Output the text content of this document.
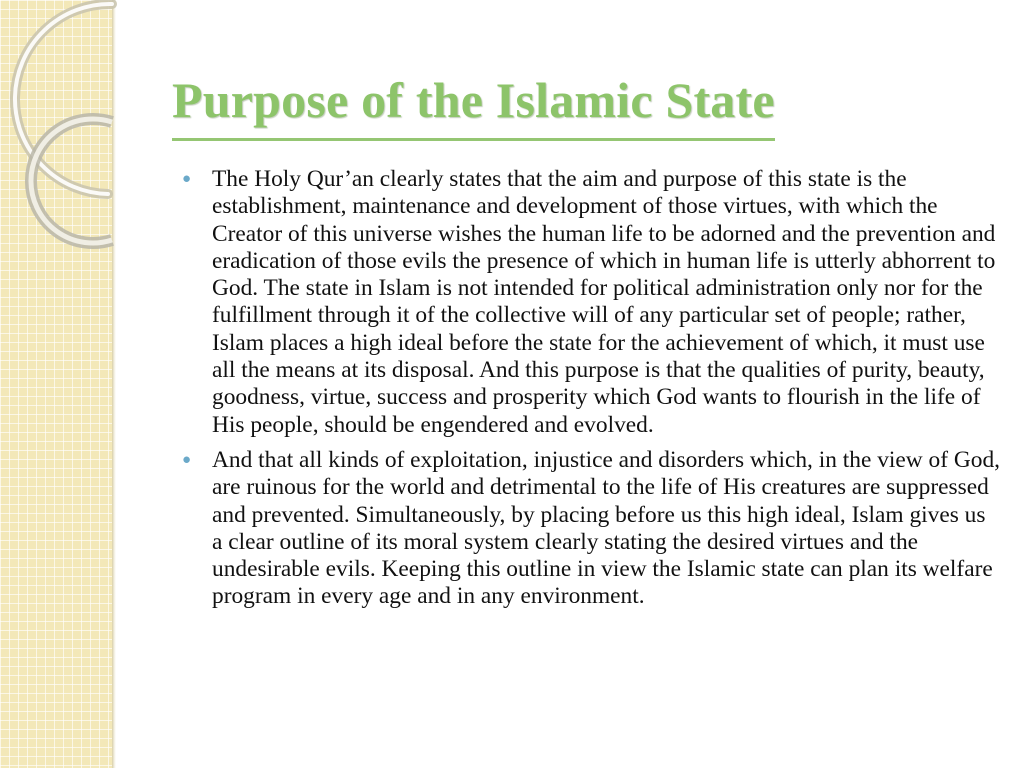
Purpose of the Islamic State
● The Holy Qur’an clearly states that the aim and purpose of this state is the establishment, maintenance and development of those virtues, with which the Creator of this universe wishes the human life to be adorned and the prevention and eradication of those evils the presence of which in human life is utterly abhorrent to God. The state in Islam is not intended for political administration only nor for the fulfillment through it of the collective will of any particular set of people; rather, Islam places a high ideal before the state for the achievement of which, it must use all the means at its disposal. And this purpose is that the qualities of purity, beauty, goodness, virtue, success and prosperity which God wants to flourish in the life of His people, should be engendered and evolved.
● And that all kinds of exploitation, injustice and disorders which, in the view of God, are ruinous for the world and detrimental to the life of His creatures are suppressed and prevented. Simultaneously, by placing before us this high ideal, Islam gives us a clear outline of its moral system clearly stating the desired virtues and the undesirable evils. Keeping this outline in view the Islamic state can plan its welfare program in every age and in any environment.
